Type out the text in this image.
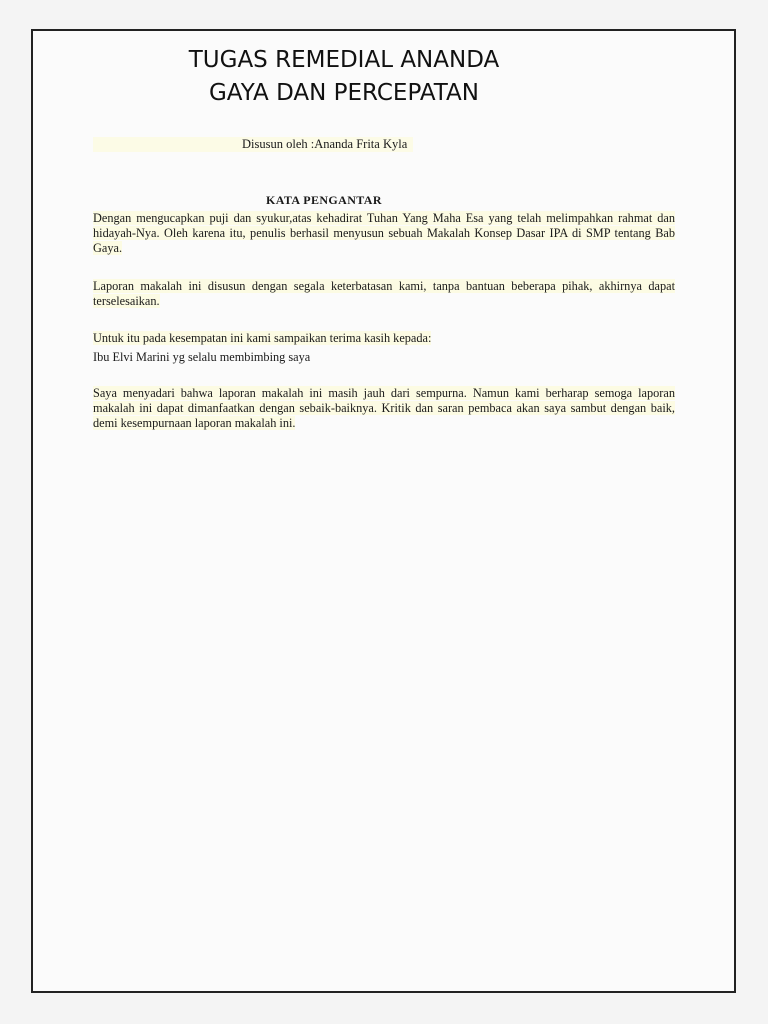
TUGAS REMEDIAL ANANDA
GAYA DAN PERCEPATAN
Disusun oleh :Ananda Frita Kyla
KATA PENGANTAR
Dengan mengucapkan puji dan syukur,atas kehadirat Tuhan Yang Maha Esa yang telah melimpahkan rahmat dan hidayah-Nya. Oleh karena itu, penulis berhasil menyusun sebuah Makalah Konsep Dasar IPA di SMP tentang Bab Gaya.
Laporan makalah ini disusun dengan segala keterbatasan kami, tanpa bantuan beberapa pihak, akhirnya dapat terselesaikan.
Untuk itu pada kesempatan ini kami sampaikan terima kasih kepada:
Ibu Elvi Marini yg selalu membimbing saya
Saya menyadari bahwa laporan makalah ini masih jauh dari sempurna. Namun kami berharap semoga laporan makalah ini dapat dimanfaatkan dengan sebaik-baiknya. Kritik dan saran pembaca akan saya sambut dengan baik, demi kesempurnaan laporan makalah ini.
